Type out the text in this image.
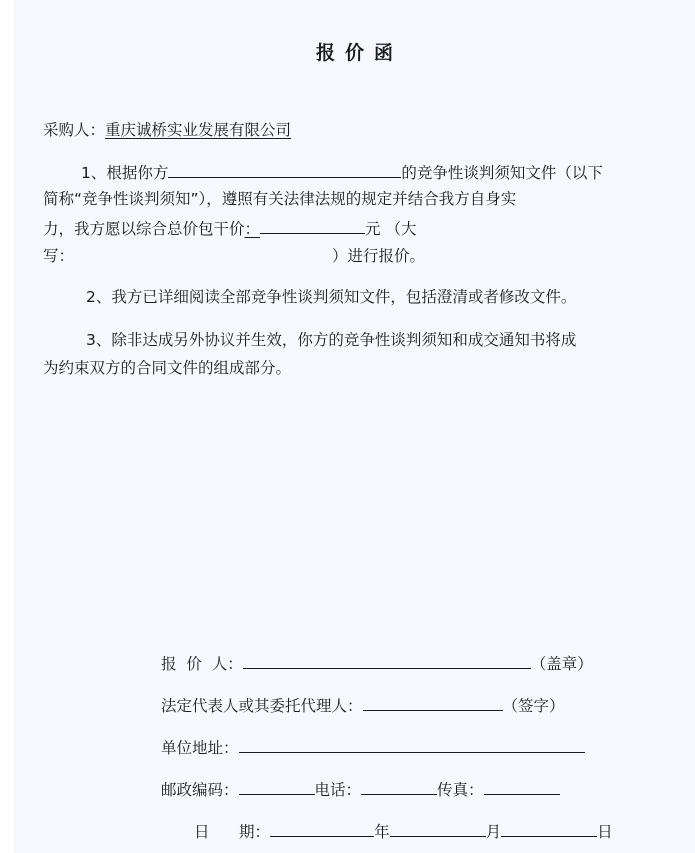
报 价 函
采购人：重庆诚桥实业发展有限公司
1、根据你方	的竞争性谈判须知文件（以下
简称“竞争性谈判须知”），遵照有关法律法规的规定并结合我方自身实
力，我方愿以综合总价包干价：	元 （大
写：	）进行报价。
2、我方已详细阅读全部竞争性谈判须知文件，包括澄清或者修改文件。
3、除非达成另外协议并生效，你方的竞争性谈判须知和成交通知书将成
为约束双方的合同文件的组成部分。
报  价  人：	（盖章）
法定代表人或其委托代理人：	（签字）
单位地址：
邮政编码：	电话：	传真：
日      期：	年	月	日
